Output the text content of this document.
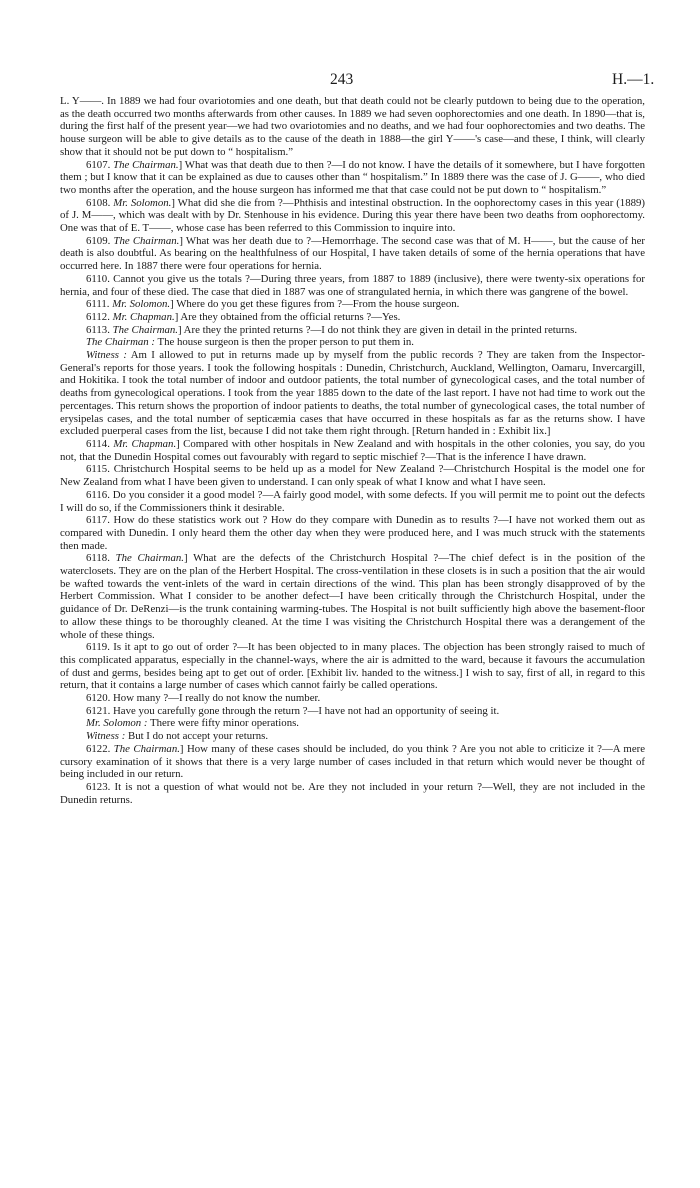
243	H.—1.

L. Y——. In 1889 we had four ovariotomies and one death, but that death could not be clearly putdown to being due to the operation, as the death occurred two months afterwards from other causes. In 1889 we had seven oophorectomies and one death. In 1890—that is, during the first half of the present year—we had two ovariotomies and no deaths, and we had four oophorectomies and two deaths. The house surgeon will be able to give details as to the cause of the death in 1888—the girl Y——'s case—and these, I think, will clearly show that it should not be put down to “ hospitalism.”

6107. The Chairman.] What was that death due to then ?—I do not know. I have the details of it somewhere, but I have forgotten them ; but I know that it can be explained as due to causes other than “ hospitalism.” In 1889 there was the case of J. G——, who died two months after the operation, and the house surgeon has informed me that that case could not be put down to “ hospitalism.”

6108. Mr. Solomon.] What did she die from ?—Phthisis and intestinal obstruction. In the oophorectomy cases in this year (1889) of J. M——, which was dealt with by Dr. Stenhouse in his evidence. During this year there have been two deaths from oophorectomy. One was that of E. T——, whose case has been referred to this Commission to inquire into.

6109. The Chairman.] What was her death due to ?—Hemorrhage. The second case was that of M. H——, but the cause of her death is also doubtful. As bearing on the healthfulness of our Hospital, I have taken details of some of the hernia operations that have occurred here. In 1887 there were four operations for hernia.

6110. Cannot you give us the totals ?—During three years, from 1887 to 1889 (inclusive), there were twenty-six operations for hernia, and four of these died. The case that died in 1887 was one of strangulated hernia, in which there was gangrene of the bowel.

6111. Mr. Solomon.] Where do you get these figures from ?—From the house surgeon.

6112. Mr. Chapman.] Are they obtained from the official returns ?—Yes.

6113. The Chairman.] Are they the printed returns ?—I do not think they are given in detail in the printed returns.

The Chairman : The house surgeon is then the proper person to put them in.

Witness : Am I allowed to put in returns made up by myself from the public records ? They are taken from the Inspector-General's reports for those years. I took the following hospitals : Dunedin, Christchurch, Auckland, Wellington, Oamaru, Invercargill, and Hokitika. I took the total number of indoor and outdoor patients, the total number of gynecological cases, and the total number of deaths from gynecological operations. I took from the year 1885 down to the date of the last report. I have not had time to work out the percentages. This return shows the proportion of indoor patients to deaths, the total number of gynecological cases, the total number of erysipelas cases, and the total number of septicæmia cases that have occurred in these hospitals as far as the returns show. I have excluded puerperal cases from the list, because I did not take them right through. [Return handed in : Exhibit lix.]

6114. Mr. Chapman.] Compared with other hospitals in New Zealand and with hospitals in the other colonies, you say, do you not, that the Dunedin Hospital comes out favourably with regard to septic mischief ?—That is the inference I have drawn.

6115. Christchurch Hospital seems to be held up as a model for New Zealand ?—Christchurch Hospital is the model one for New Zealand from what I have been given to understand. I can only speak of what I know and what I have seen.

6116. Do you consider it a good model ?—A fairly good model, with some defects. If you will permit me to point out the defects I will do so, if the Commissioners think it desirable.

6117. How do these statistics work out ? How do they compare with Dunedin as to results ?—I have not worked them out as compared with Dunedin. I only heard them the other day when they were produced here, and I was much struck with the statements then made.

6118. The Chairman.] What are the defects of the Christchurch Hospital ?—The chief defect is in the position of the waterclosets. They are on the plan of the Herbert Hospital. The cross-ventilation in these closets is in such a position that the air would be wafted towards the vent-inlets of the ward in certain directions of the wind. This plan has been strongly disapproved of by the Herbert Commission. What I consider to be another defect—I have been critically through the Christchurch Hospital, under the guidance of Dr. DeRenzi—is the trunk containing warming-tubes. The Hospital is not built sufficiently high above the basement-floor to allow these things to be thoroughly cleaned. At the time I was visiting the Christchurch Hospital there was a derangement of the whole of these things.

6119. Is it apt to go out of order ?—It has been objected to in many places. The objection has been strongly raised to much of this complicated apparatus, especially in the channel-ways, where the air is admitted to the ward, because it favours the accumulation of dust and germs, besides being apt to get out of order. [Exhibit liv. handed to the witness.] I wish to say, first of all, in regard to this return, that it contains a large number of cases which cannot fairly be called operations.

6120. How many ?—I really do not know the number.

6121. Have you carefully gone through the return ?—I have not had an opportunity of seeing it.

Mr. Solomon : There were fifty minor operations.

Witness : But I do not accept your returns.

6122. The Chairman.] How many of these cases should be included, do you think ? Are you not able to criticize it ?—A mere cursory examination of it shows that there is a very large number of cases included in that return which would never be thought of being included in our return.

6123. It is not a question of what would not be. Are they not included in your return ?—Well, they are not included in the Dunedin returns.
